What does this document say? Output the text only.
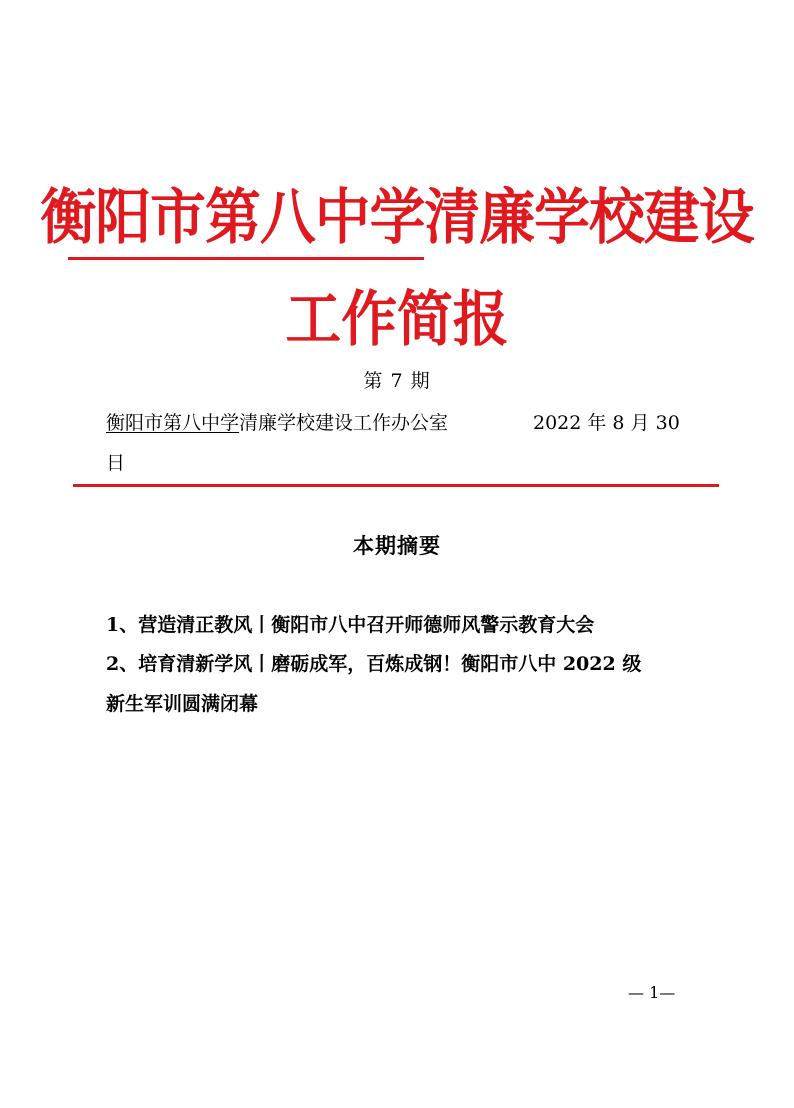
衡阳市第八中学清廉学校建设
工作简报
第 7 期
衡阳市第八中学清廉学校建设工作办公室	2022 年 8 月 30
日
本期摘要
1、营造清正教风丨衡阳市八中召开师德师风警示教育大会
2、培育清新学风丨磨砺成军，百炼成钢！衡阳市八中 2022 级
新生军训圆满闭幕
— 1—
